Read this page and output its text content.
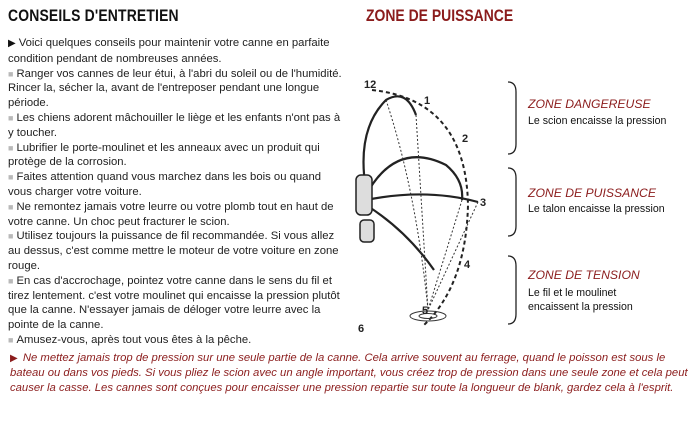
CONSEILS D'ENTRETIEN	ZONE DE PUISSANCE

▶ Voici quelques conseils pour maintenir votre canne en parfaite condition pendant de nombreuses années.

■ Ranger vos cannes de leur étui, à l'abri du soleil ou de l'humidité. Rincer la, sécher la, avant de l'entreposer pendant une longue période.

■ Les chiens adorent mâchouiller le liège et les enfants n'ont pas à y toucher.

■ Lubrifier le porte-moulinet et les anneaux avec un produit qui protège de la corrosion.

■ Faites attention quand vous marchez dans les bois ou quand vous charger votre voiture.

■ Ne remontez jamais votre leurre ou votre plomb tout en haut de votre canne. Un choc peut fracturer le scion.

■ Utilisez toujours la puissance de fil recommandée. Si vous allez au dessus, c'est comme mettre le moteur de votre voiture en zone rouge.

■ En cas d'accrochage, pointez votre canne dans le sens du fil et tirez lentement. c'est votre moulinet qui encaisse la pression plutôt que la canne. N'essayer jamais de déloger votre leurre avec la pointe de la canne.

■ Amusez-vous, après tout vous êtes à la pêche.

12
1
2
3
4
5
6
ZONE DANGEREUSE
Le scion encaisse la pression
ZONE DE PUISSANCE
Le talon encaisse la pression
ZONE DE TENSION
Le fil et le moulinet encaissent la pression
▶ Ne mettez jamais trop de pression sur une seule partie de la canne. Cela arrive souvent au ferrage, quand le poisson est sous le bateau ou dans vos pieds. Si vous pliez le scion avec un angle important, vous créez trop de pression dans une seule zone et cela peut causer la casse. Les cannes sont conçues pour encaisser une pression repartie sur toute la longueur de blank, gardez cela à l'esprit.
